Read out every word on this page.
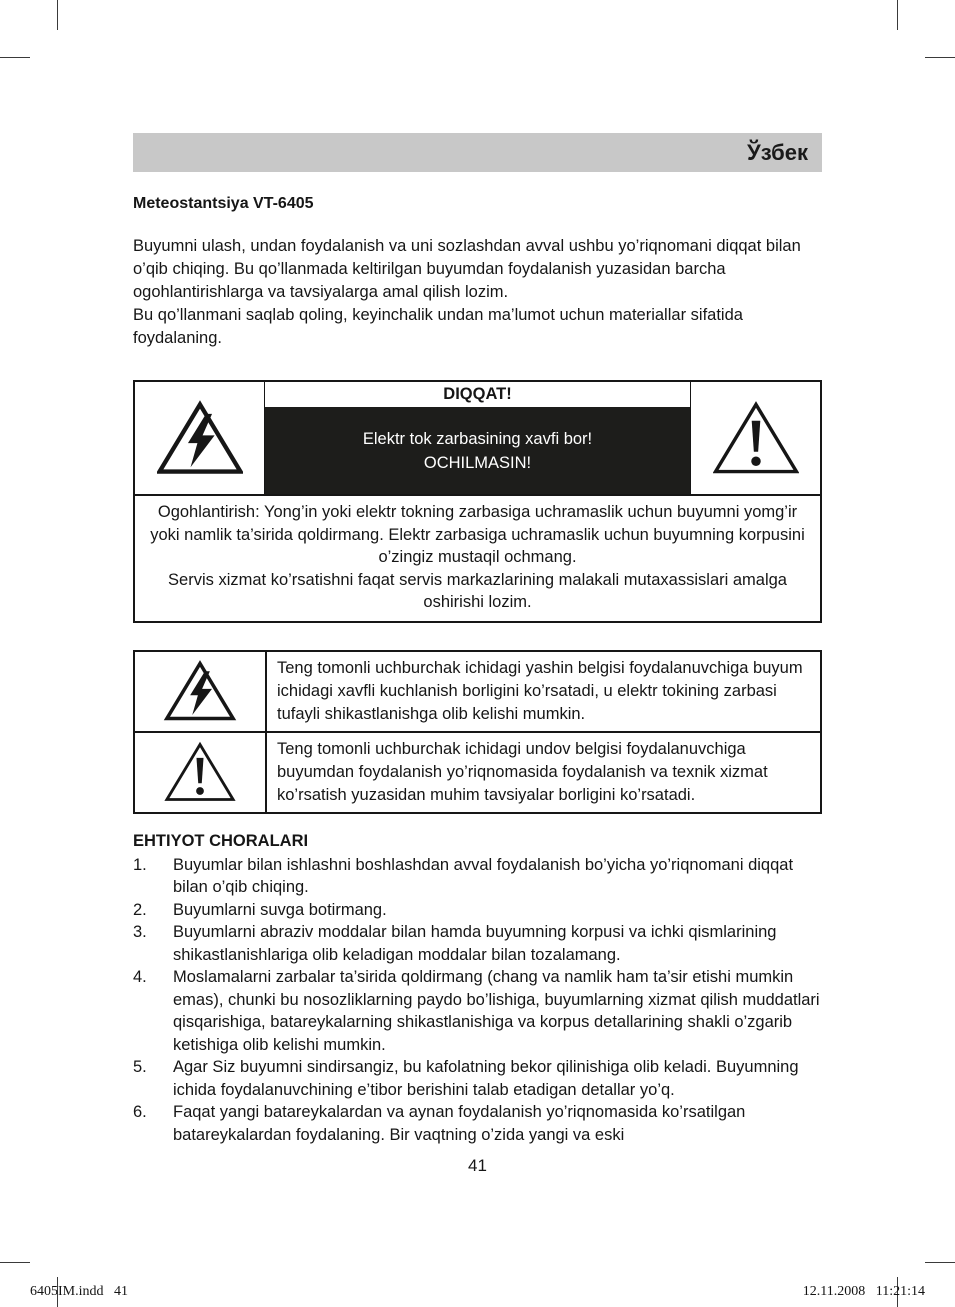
Ўзбек
Meteostantsiya VT-6405
Buyumni ulash, undan foydalanish va uni sozlashdan avval ushbu yo’riqnomani diqqat bilan o’qib chiqing. Bu qo’llanmada keltirilgan buyumdan foydalanish yuzasidan barcha ogohlantirishlarga va tavsiyalarga amal qilish lozim.
Bu qo’llanmani saqlab qoling, keyinchalik undan ma’lumot uchun materiallar sifatida foydalaning.
DIQQAT!
Elektr tok zarbasining xavfi bor!
OCHILMASIN!
Ogohlantirish: Yong’in yoki elektr tokning zarbasiga uchramaslik uchun buyumni yomg’ir yoki namlik ta’sirida qoldirmang. Elektr zarbasiga uchramaslik uchun buyumning korpusini o’zingiz mustaqil ochmang.
Servis xizmat ko’rsatishni faqat servis markazlarining malakali mutaxassislari amalga oshirishi lozim.
Teng tomonli uchburchak ichidagi yashin belgisi foydalanuvchiga buyum ichidagi xavfli kuchlanish borligini ko’rsatadi, u elektr tokining zarbasi tufayli shikastlanishga olib kelishi mumkin.
Teng tomonli uchburchak ichidagi undov belgisi foydalanuvchiga buyumdan foydalanish yo’riqnomasida foydalanish va texnik xizmat ko’rsatish yuzasidan muhim tavsiyalar borligini ko’rsatadi.
EHTIYOT CHORALARI
1.	Buyumlar bilan ishlashni boshlashdan avval foydalanish bo’yicha yo’riqnomani diqqat bilan o’qib chiqing.
2.	Buyumlarni suvga botirmang.
3.	Buyumlarni abraziv moddalar bilan hamda buyumning korpusi va ichki qismlarining shikastlanishlariga olib keladigan moddalar bilan tozalamang.
4.	Moslamalarni zarbalar ta’sirida qoldirmang (chang va namlik ham ta’sir etishi mumkin emas), chunki bu nosozliklarning paydo bo’lishiga, buyumlarning xizmat qilish muddatlari qisqarishiga, batareykalarning shikastlanishiga va korpus detallarining shakli o’zgarib ketishiga olib kelishi mumkin.
5.	Agar Siz buyumni sindirsangiz, bu kafolatning bekor qilinishiga olib keladi. Buyumning ichida foydalanuvchining e’tibor berishini talab etadigan detallar yo’q.
6.	Faqat yangi batareykalardan va aynan foydalanish yo’riqnomasida ko’rsatilgan batareykalardan foydalaning. Bir vaqtning o’zida yangi va eski
41
6405IM.indd   41	12.11.2008   11:21:14
